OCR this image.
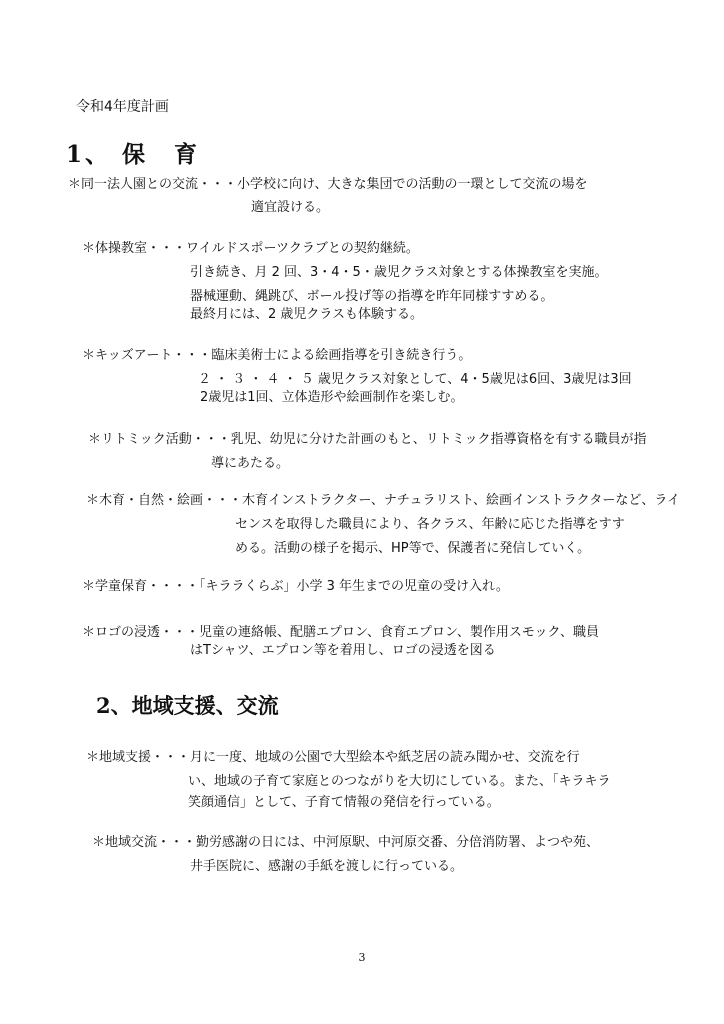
令和4年度計画
1、 保　育
＊同一法人園との交流・・・小学校に向け、大きな集団での活動の一環として交流の場を
適宜設ける。
＊体操教室・・・ワイルドスポーツクラブとの契約継続。
引き続き、月 2 回、3・4・5・歳児クラス対象とする体操教室を実施。
器械運動、縄跳び、ボール投げ等の指導を昨年同様すすめる。
最終月には、2 歳児クラスも体験する。
＊キッズアート・・・臨床美術士による絵画指導を引き続き行う。
２ ・ ３ ・ ４ ・ ５ 歳児クラス対象として、4・5歳児は6回、3歳児は3回
2歳児は1回、立体造形や絵画制作を楽しむ。
＊リトミック活動・・・乳児、幼児に分けた計画のもと、リトミック指導資格を有する職員が指
導にあたる。
＊木育・自然・絵画・・・木育インストラクター、ナチュラリスト、絵画インストラクターなど、ライ
センスを取得した職員により、各クラス、年齢に応じた指導をすす
める。活動の様子を掲示、HP等で、保護者に発信していく。
＊学童保育・・・・「キララくらぶ」小学 3 年生までの児童の受け入れ。
＊ロゴの浸透・・・児童の連絡帳、配膳エプロン、食育エプロン、製作用スモック、職員
はTシャツ、エプロン等を着用し、ロゴの浸透を図る
2、地域支援、交流
＊地域支援・・・月に一度、地域の公園で大型絵本や紙芝居の読み聞かせ、交流を行
い、地域の子育て家庭とのつながりを大切にしている。また、「キラキラ
笑顔通信」として、子育て情報の発信を行っている。
＊地域交流・・・勤労感謝の日には、中河原駅、中河原交番、分倍消防署、よつや苑、
井手医院に、感謝の手紙を渡しに行っている。
3
